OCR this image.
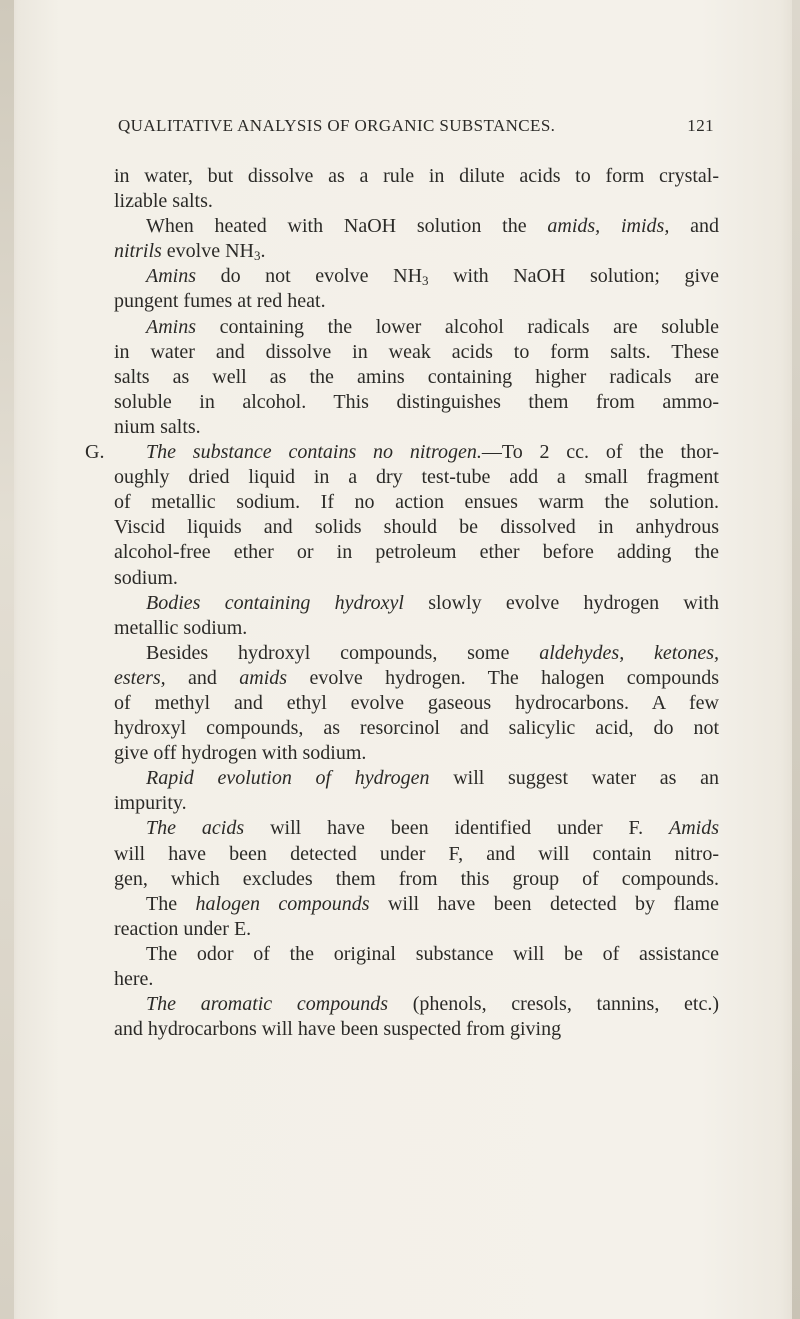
QUALITATIVE ANALYSIS OF ORGANIC SUBSTANCES.	121
in water, but dissolve as a rule in dilute acids to form crystal-
lizable salts.
When heated with NaOH solution the amids, imids, and
nitrils evolve $NH_3$.
Amins do not evolve $NH_3$ with NaOH solution; give
pungent fumes at red heat.
Amins containing the lower alcohol radicals are soluble
in water and dissolve in weak acids to form salts. These
salts as well as the amins containing higher radicals are
soluble in alcohol. This distinguishes them from ammo-
nium salts.
G. The substance contains no nitrogen.—To 2 cc. of the thor-
oughly dried liquid in a dry test-tube add a small fragment
of metallic sodium. If no action ensues warm the solution.
Viscid liquids and solids should be dissolved in anhydrous
alcohol-free ether or in petroleum ether before adding the
sodium.
Bodies containing hydroxyl slowly evolve hydrogen with
metallic sodium.
Besides hydroxyl compounds, some aldehydes, ketones,
esters, and amids evolve hydrogen. The halogen compounds
of methyl and ethyl evolve gaseous hydrocarbons. A few
hydroxyl compounds, as resorcinol and salicylic acid, do not
give off hydrogen with sodium.
Rapid evolution of hydrogen will suggest water as an
impurity.
The acids will have been identified under F. Amids
will have been detected under F, and will contain nitro-
gen, which excludes them from this group of compounds.
The halogen compounds will have been detected by flame
reaction under E.
The odor of the original substance will be of assistance
here.
The aromatic compounds (phenols, cresols, tannins, etc.)
and hydrocarbons will have been suspected from giving
